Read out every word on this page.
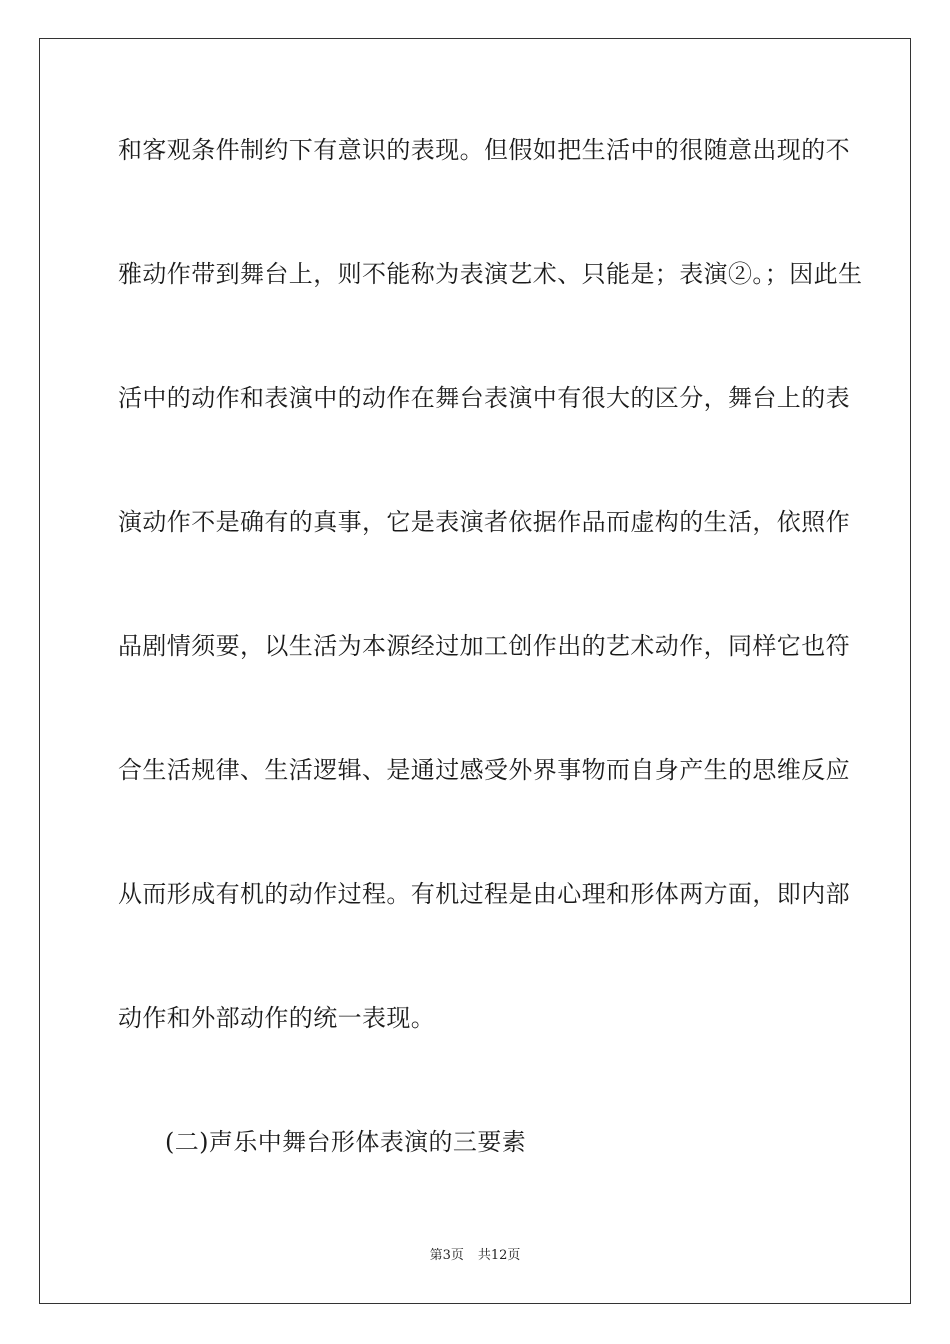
和客观条件制约下有意识的表现。但假如把生活中的很随意出现的不
雅动作带到舞台上，则不能称为表演艺术、只能是；表演②。；因此生
活中的动作和表演中的动作在舞台表演中有很大的区分，舞台上的表
演动作不是确有的真事，它是表演者依据作品而虚构的生活，依照作
品剧情须要，以生活为本源经过加工创作出的艺术动作，同样它也符
合生活规律、生活逻辑、是通过感受外界事物而自身产生的思维反应
从而形成有机的动作过程。有机过程是由心理和形体两方面，即内部
动作和外部动作的统一表现。
(二)声乐中舞台形体表演的三要素
第3页 共12页
